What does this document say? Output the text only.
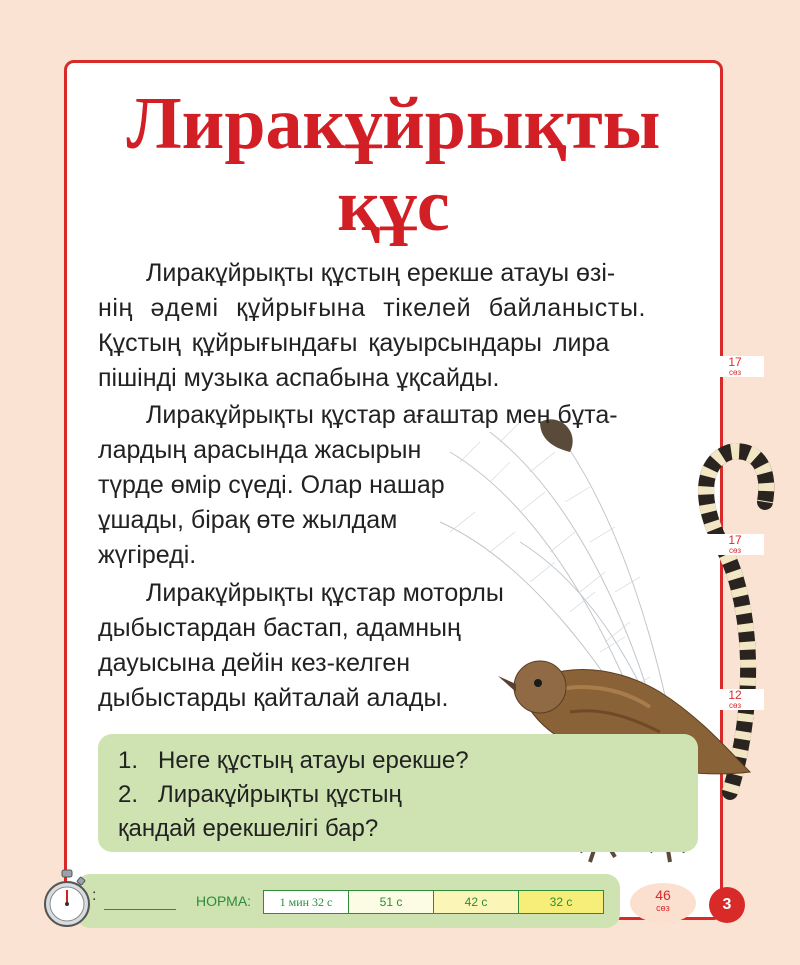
Лиракұйрықты
құс

Лиракұйрықты құстың ерекше атауы өзі-
нің әдемі құйрығына тікелей байланысты.
Құстың құйрығындағы қауырсындары лира
пішінді музыка аспабына ұқсайды.

Лиракұйрықты құстар ағаштар мен бұта-
лардың арасында жасырын
түрде өмір сүеді. Олар нашар
ұшады, бірақ өте жылдам
жүгіреді.

Лиракұйрықты құстар моторлы
дыбыстардан бастап, адамның
дауысына дейін кез-келген
дыбыстарды қайталай алады.

17
сөз
17
сөз
12
сөз
1. Неге құстың атауы ерекше?
2. Лиракұйрықты құстың
қандай ерекшелігі бар?
:	НОРМА:	1 мин 32 с	51 с	42 с	32 с	46
сөз	3
